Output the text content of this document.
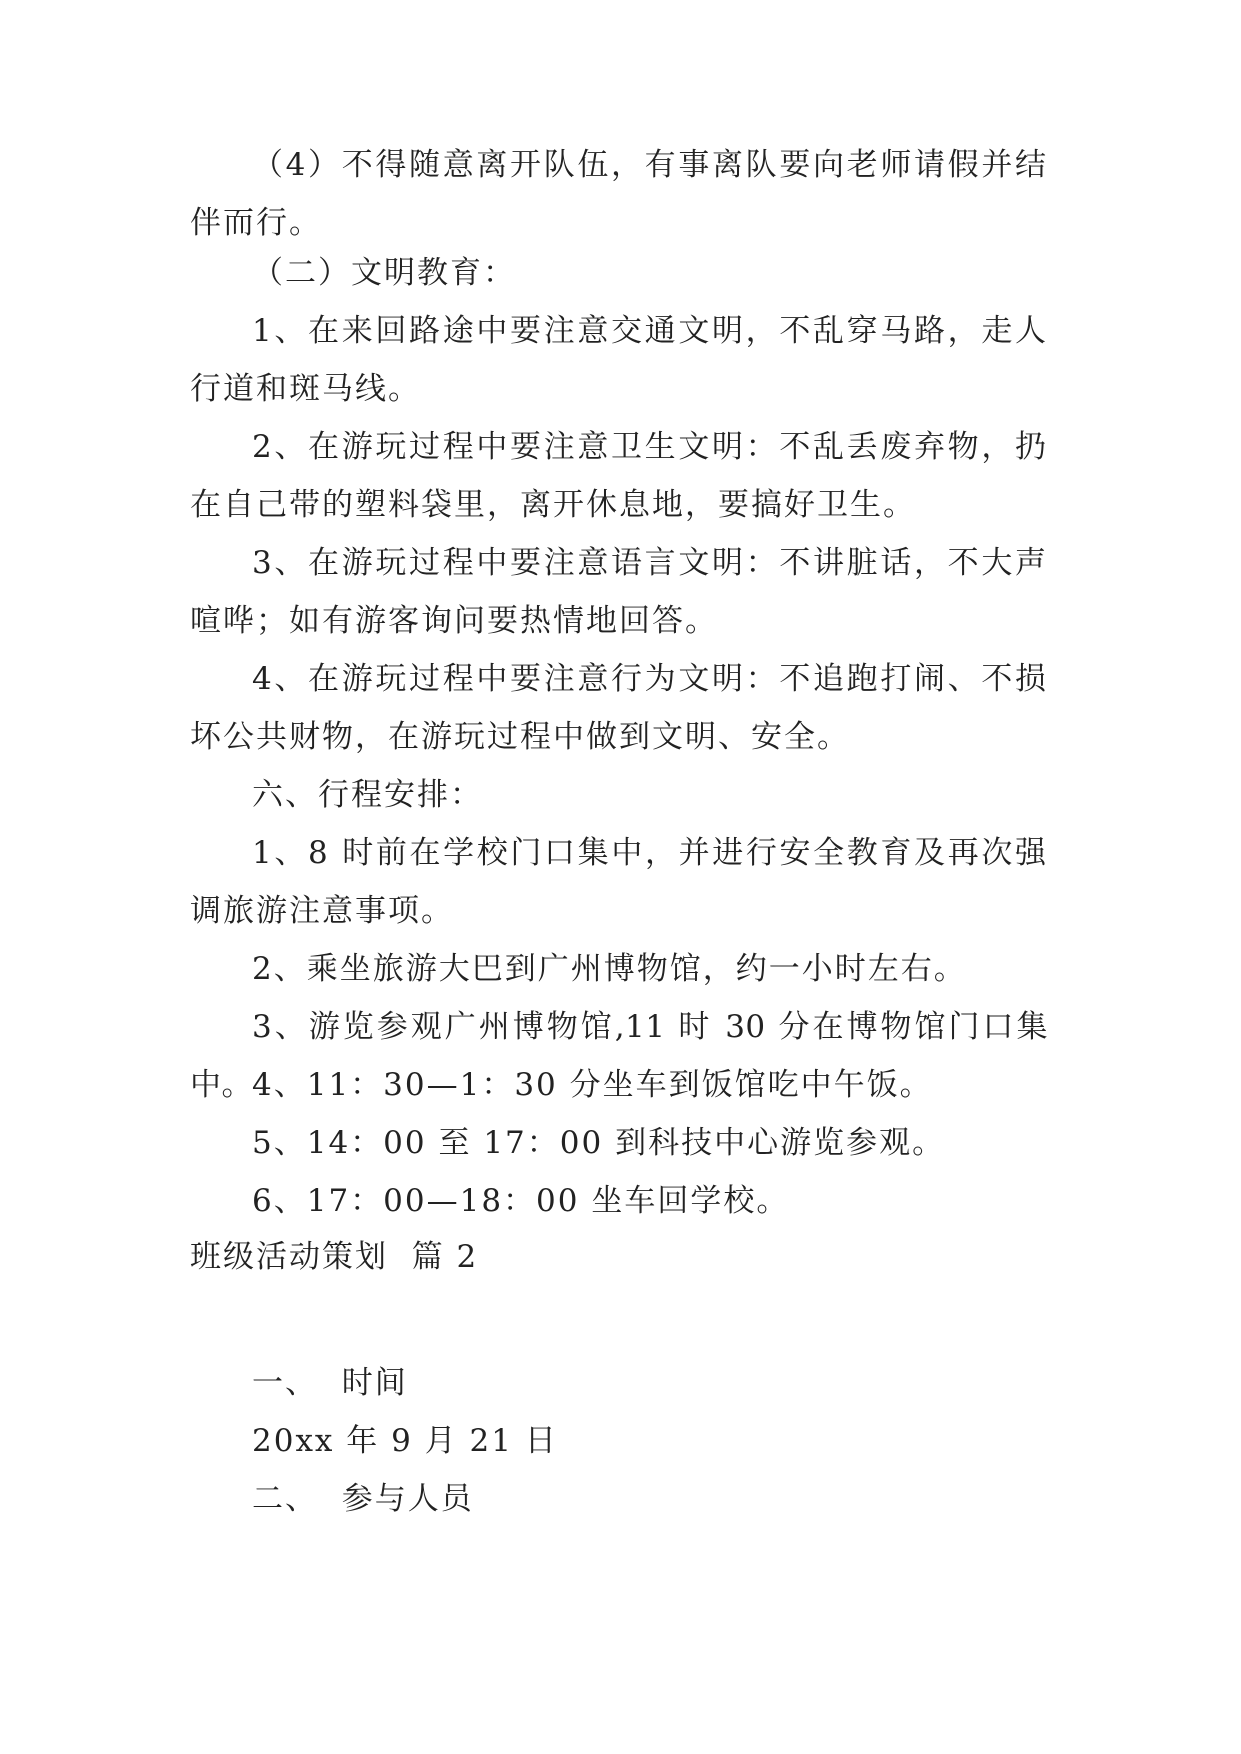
（4）不得随意离开队伍，有事离队要向老师请假并结伴而行。

（二）文明教育：

1、在来回路途中要注意交通文明，不乱穿马路，走人行道和斑马线。

2、在游玩过程中要注意卫生文明：不乱丢废弃物，扔在自己带的塑料袋里，离开休息地，要搞好卫生。

3、在游玩过程中要注意语言文明：不讲脏话，不大声喧哗；如有游客询问要热情地回答。

4、在游玩过程中要注意行为文明：不追跑打闹、不损坏公共财物，在游玩过程中做到文明、安全。

六、行程安排：

1、8 时前在学校门口集中，并进行安全教育及再次强调旅游注意事项。

2、乘坐旅游大巴到广州博物馆，约一小时左右。

3、游览参观广州博物馆,11 时 30 分在博物馆门口集中。 4、11：30—1：30 分坐车到饭馆吃中午饭。

5、14：00 至 17：00 到科技中心游览参观。

6、17：00—18：00 坐车回学校。

班级活动策划  篇 2

一、  时间

20xx 年 9 月 21 日

二、  参与人员
